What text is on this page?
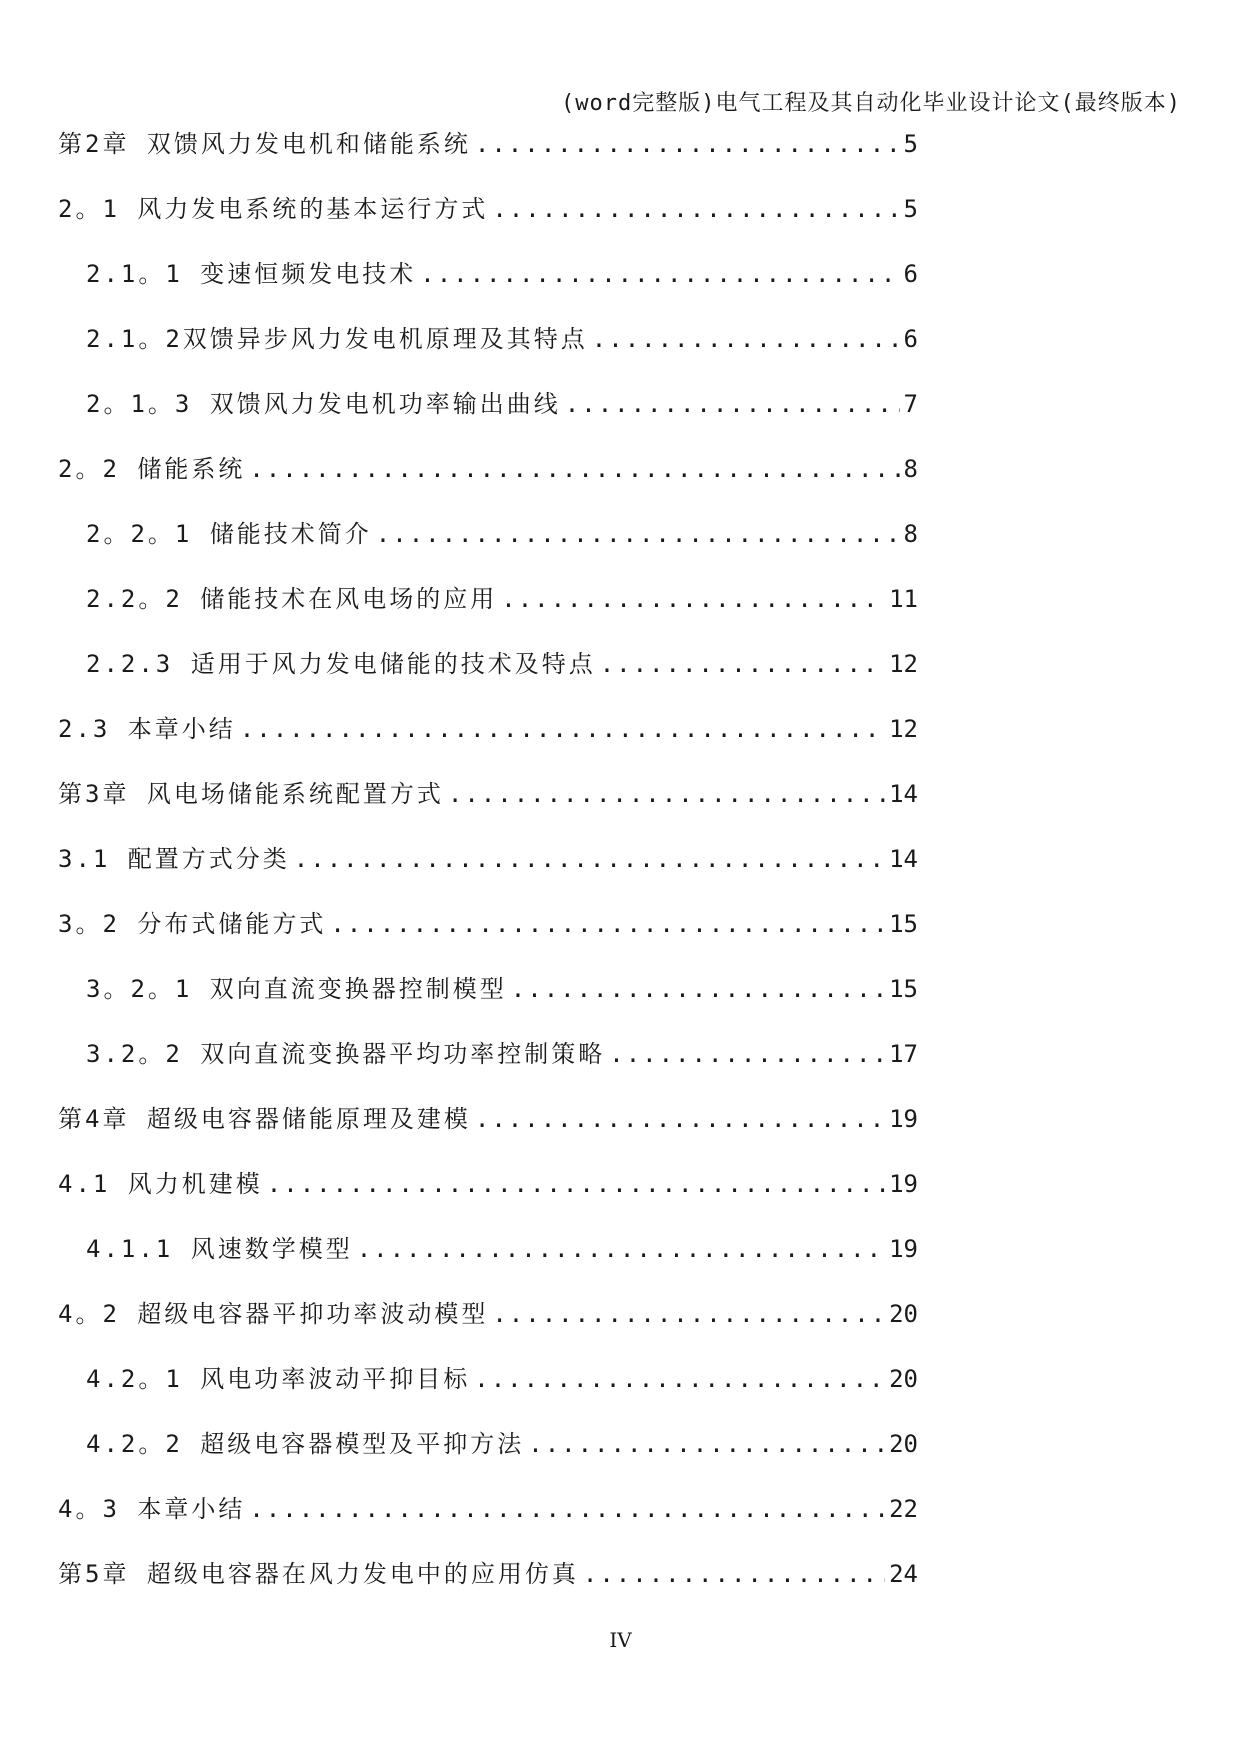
(word完整版)电气工程及其自动化毕业设计论文(最终版本)
第2章 双馈风力发电机和储能系统 .....	5
2。1 风力发电系统的基本运行方式 .....	5
2.1。1 变速恒频发电技术 .....	6
2.1。2双馈异步风力发电机原理及其特点 .....	6
2。1。3 双馈风力发电机功率输出曲线 .....	7
2。2 储能系统 .....	8
2。2。1 储能技术简介 .....	8
2.2。2 储能技术在风电场的应用 .....	11
2.2.3 适用于风力发电储能的技术及特点 .....	12
2.3 本章小结 .....	12
第3章 风电场储能系统配置方式 .....	14
3.1 配置方式分类 .....	14
3。2 分布式储能方式 .....	15
3。2。1 双向直流变换器控制模型 .....	15
3.2。2 双向直流变换器平均功率控制策略 .....	17
第4章 超级电容器储能原理及建模 .....	19
4.1 风力机建模 .....	19
4.1.1 风速数学模型 .....	19
4。2 超级电容器平抑功率波动模型 .....	20
4.2。1 风电功率波动平抑目标 .....	20
4.2。2 超级电容器模型及平抑方法 .....	20
4。3 本章小结 .....	22
第5章 超级电容器在风力发电中的应用仿真 .....	24
IV
